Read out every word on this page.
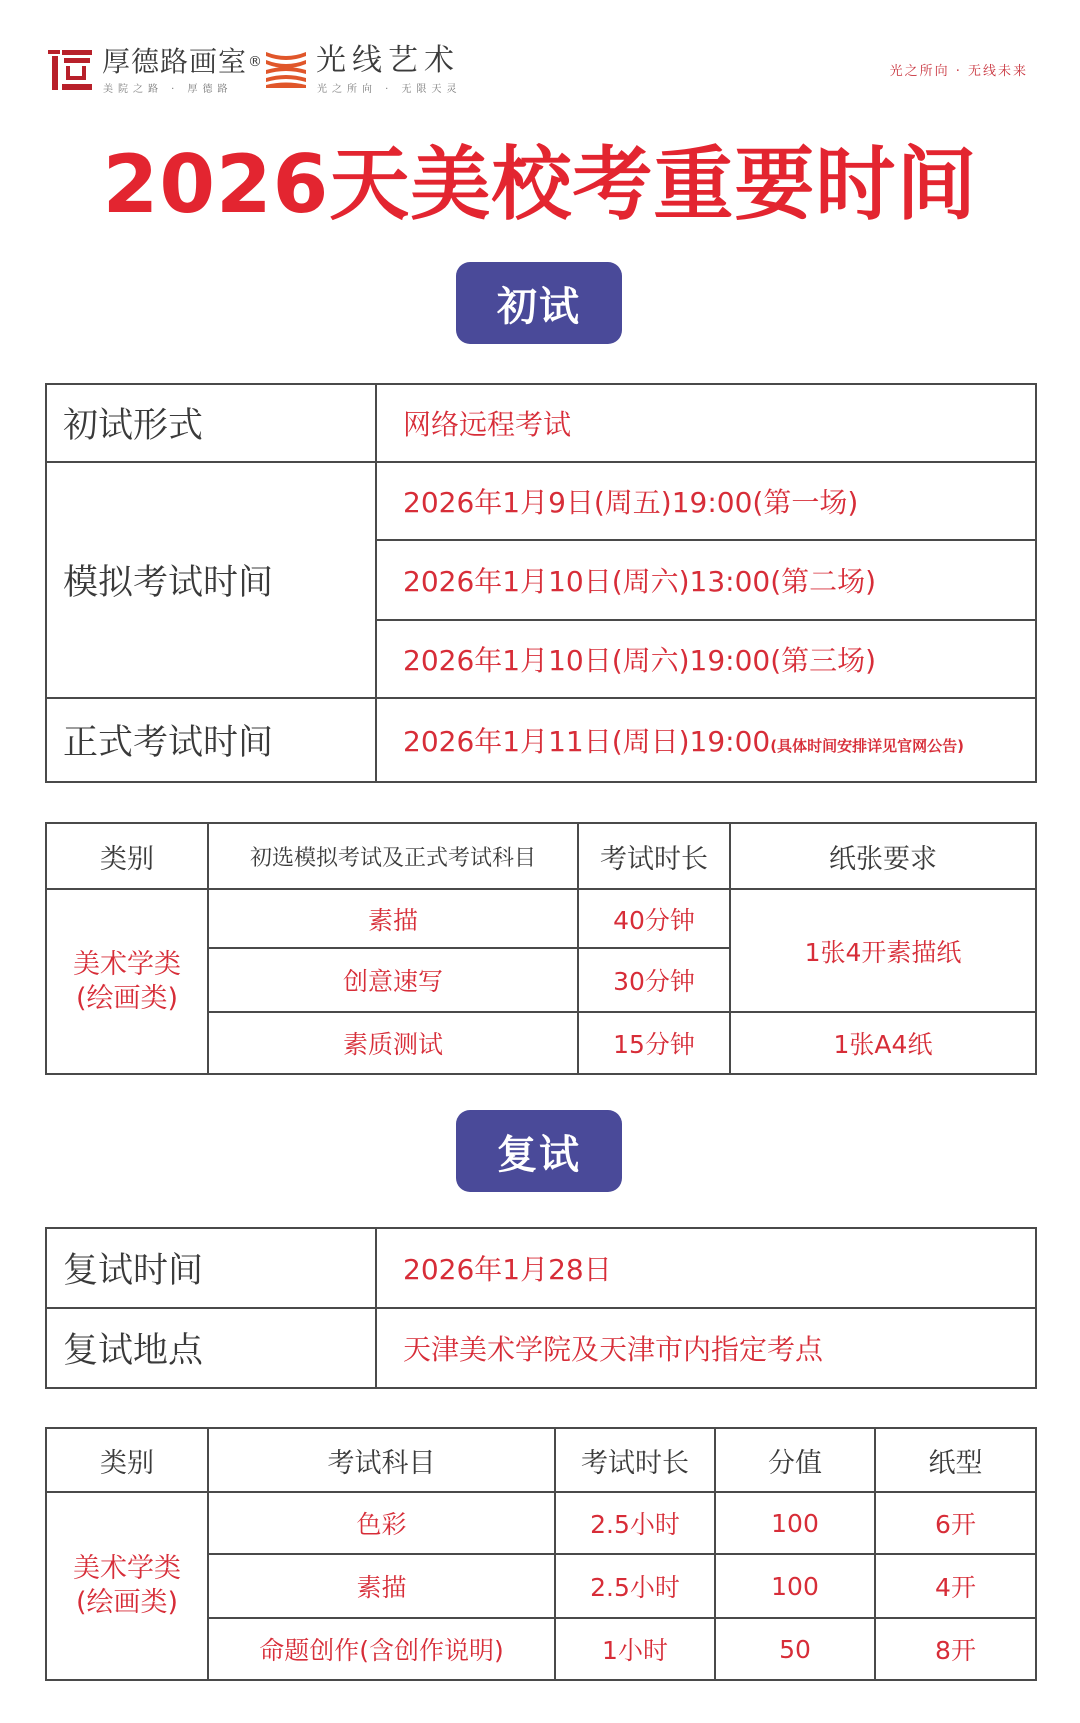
厚德路画室®
美院之路 · 厚德路
光线艺术
光之所向 · 无限天灵
光之所向 · 无线未来
2026天美校考重要时间
初试
初试形式	网络远程考试
模拟考试时间	2026年1月9日(周五)19:00(第一场)
	2026年1月10日(周六)13:00(第二场)
	2026年1月10日(周六)19:00(第三场)
正式考试时间	2026年1月11日(周日)19:00(具体时间安排详见官网公告)
类别	初选模拟考试及正式考试科目	考试时长	纸张要求

美术学类
(绘画类)	素描	40分钟	1张4开素描纸
	创意速写	30分钟	
	素质测试	15分钟	1张A4纸
复试
复试时间	2026年1月28日
复试地点	天津美术学院及天津市内指定考点
类别	考试科目	考试时长	分值	纸型

美术学类
(绘画类)	色彩	2.5小时	100	6开
	素描	2.5小时	100	4开
	命题创作(含创作说明)	1小时	50	8开
